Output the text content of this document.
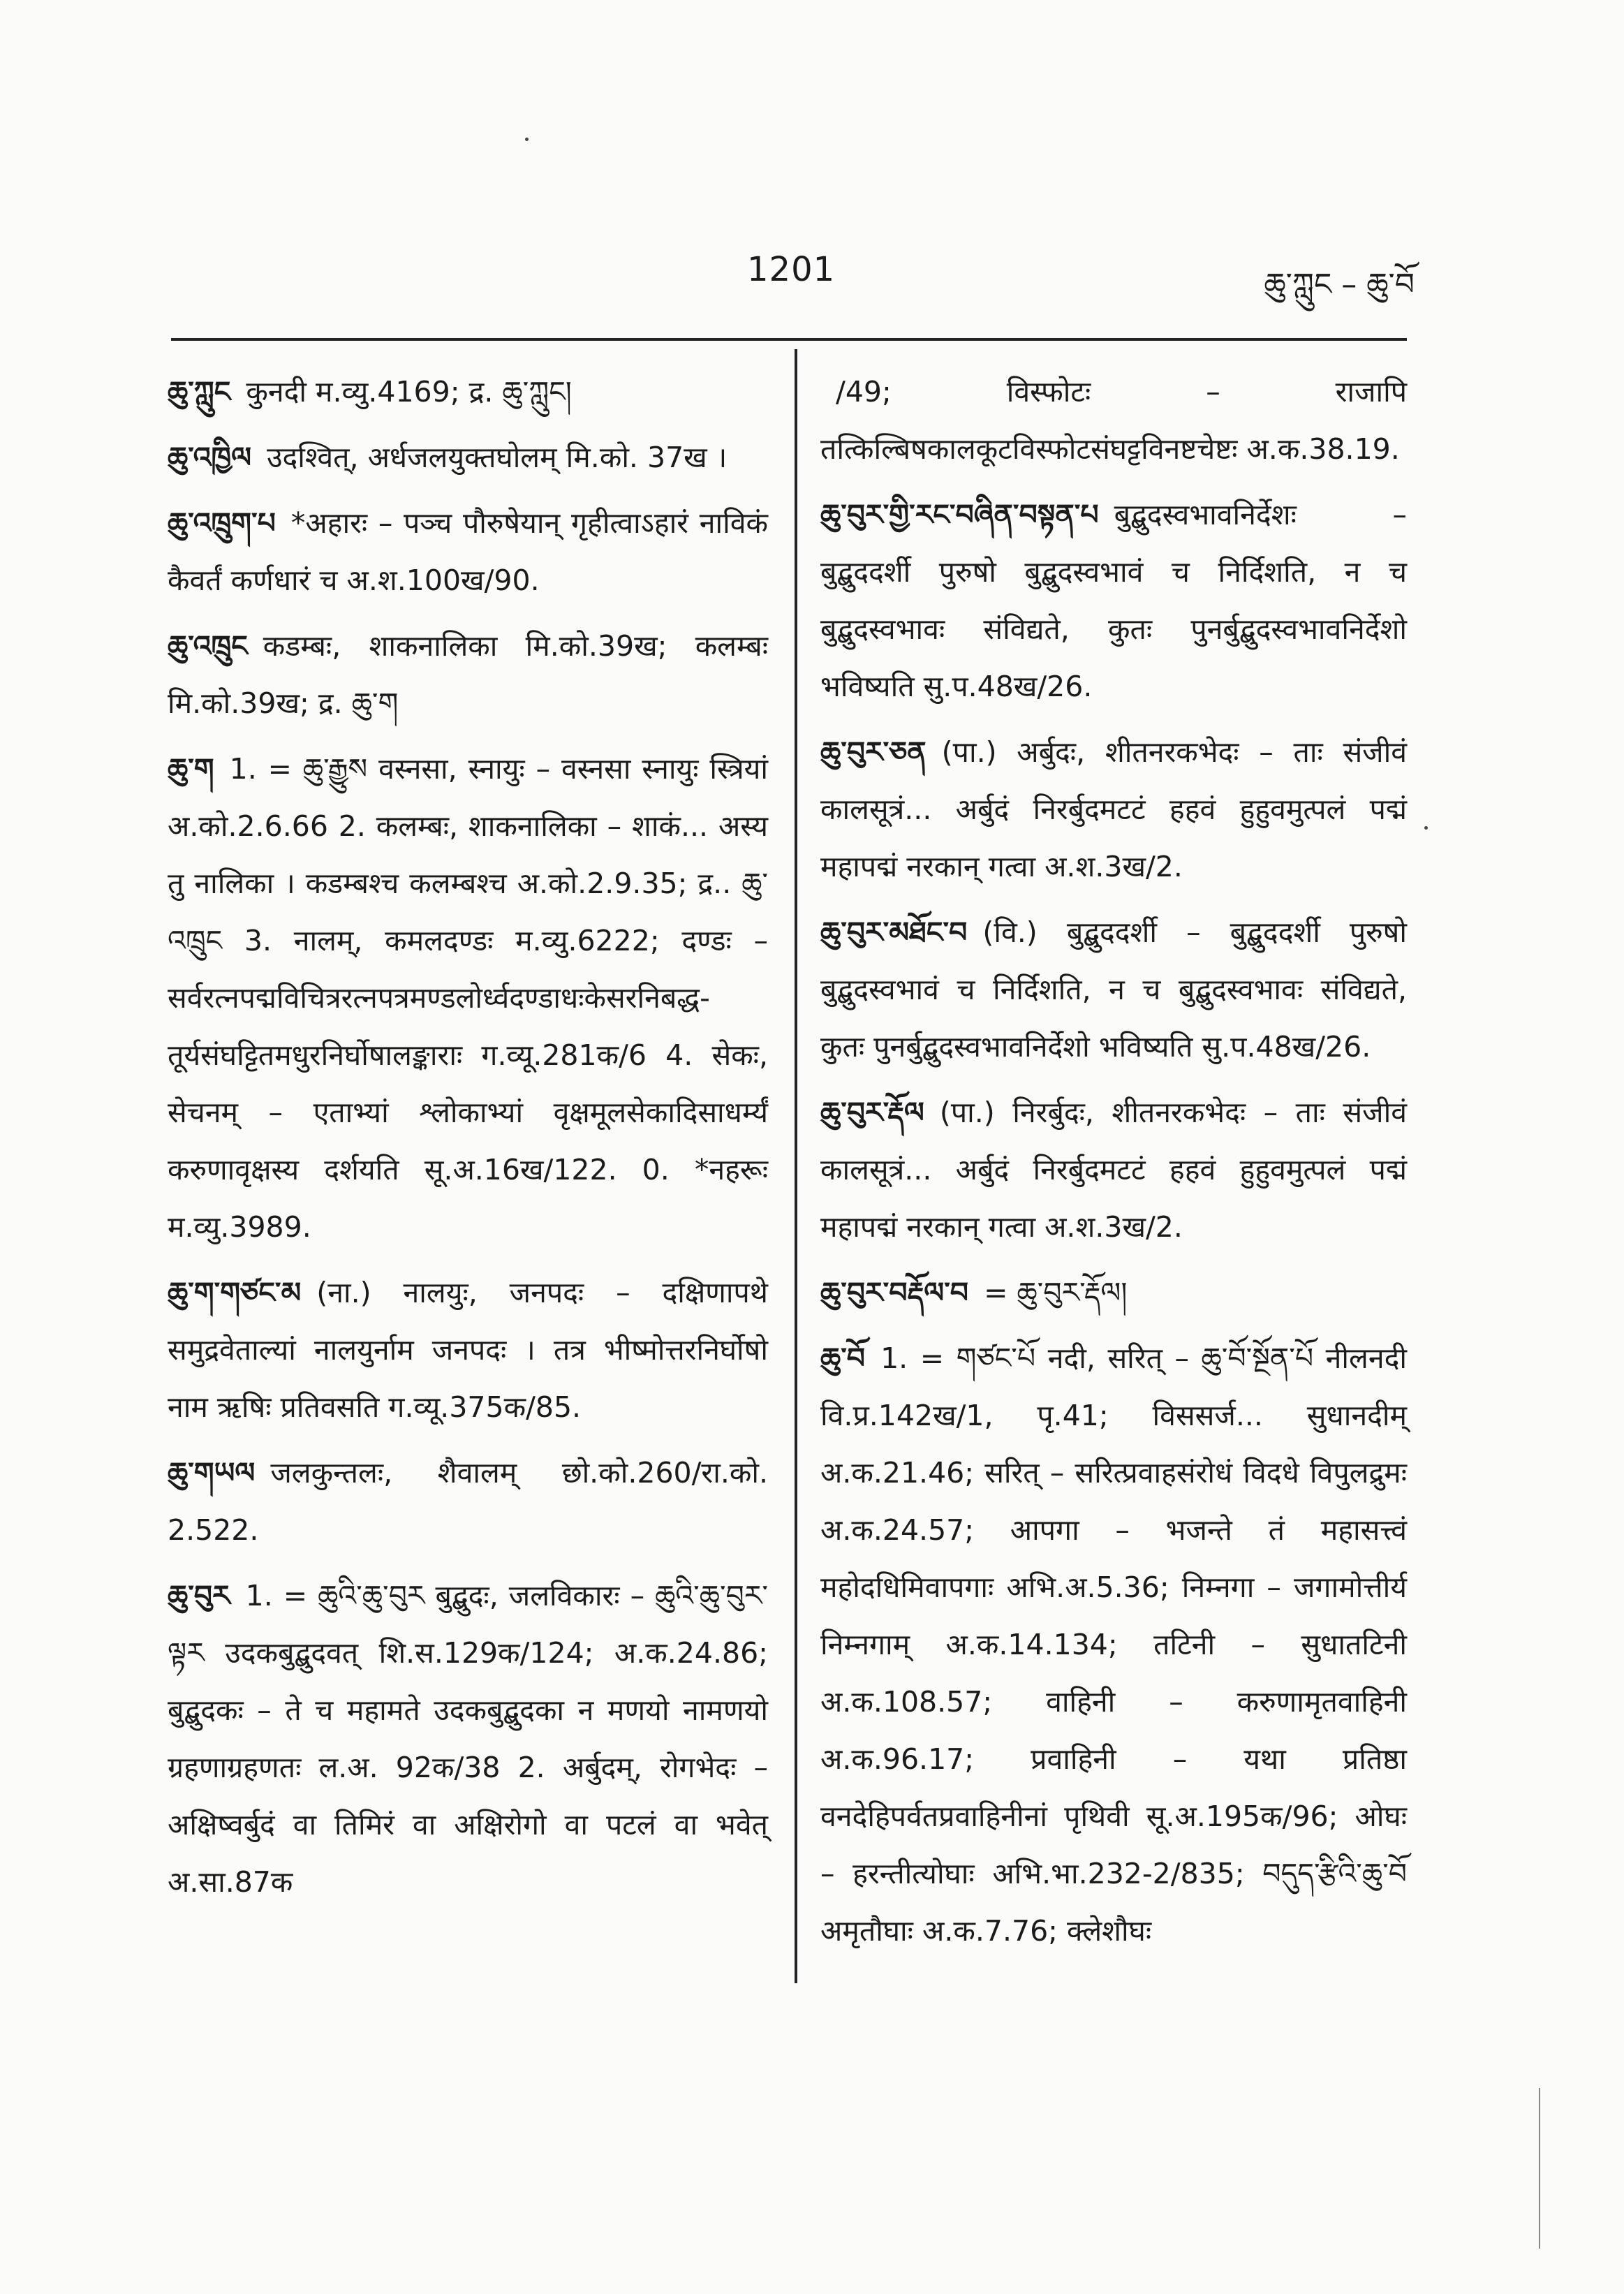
1201	ཆུ་ཀླུང – ཆུ་བོ
ཆུ་ཀླུང कुनदी म.व्यु.4169; द्र. ཆུ་ཀླུང།
ཆུ་འཁྱིལ उदश्वित्, अर्धजलयुक्तघोलम् मि.को. 37ख ।
ཆུ་འཁྲུག་པ *अहारः – पञ्च पौरुषेयान् गृहीत्वाऽहारं नाविकं कैवर्तं कर्णधारं च अ.श.100ख/90.
ཆུ་འཁྲུང कडम्बः, शाकनालिका मि.को.39ख; कलम्बः मि.को.39ख; द्र. ཆུ་ག
ཆུ་ག 1. = ཆུ་རྒྱུས वस्नसा, स्नायुः – वस्नसा स्नायुः स्त्रियां अ.को.2.6.66 2. कलम्बः, शाकनालिका – शाकं... अस्य तु नालिका । कडम्बश्च कलम्बश्च अ.को.2.9.35; द्र.. ཆུ་འཁྲུང 3. नालम्, कमलदण्डः म.व्यु.6222; दण्डः – सर्वरत्नपद्मविचित्ररत्नपत्रमण्डलोर्ध्वदण्डाधःकेसरनिबद्ध-तूर्यसंघट्टितमधुरनिर्घोषालङ्काराः ग.व्यू.281क/6 4. सेकः, सेचनम् – एताभ्यां श्लोकाभ्यां वृक्षमूलसेकादिसाधर्म्यं करुणावृक्षस्य दर्शयति सू.अ.16ख/122. 0. *नहरूः म.व्यु.3989.
ཆུ་ག་གཙང་མ (ना.) नालयुः, जनपदः – दक्षिणापथे समुद्रवेताल्यां नालयुर्नाम जनपदः । तत्र भीष्मोत्तरनिर्घोषो नाम ऋषिः प्रतिवसति ग.व्यू.375क/85.
ཆུ་གཡལ जलकुन्तलः, शैवालम् छो.को.260/रा.को. 2.522.
ཆུ་བུར 1. = ཆུའི་ཆུ་བུར बुद्बुदः, जलविकारः – ཆུའི་ཆུ་བུར་ལྟར उदकबुद्बुदवत् शि.स.129क/124; अ.क.24.86; बुद्बुदकः – ते च महामते उदकबुद्बुदका न मणयो नामणयो ग्रहणाग्रहणतः ल.अ. 92क/38 2. अर्बुदम्, रोगभेदः – अक्षिष्वर्बुदं वा तिमिरं वा अक्षिरोगो वा पटलं वा भवेत् अ.सा.87क
/49; विस्फोटः – राजापि तत्किल्बिषकालकूटविस्फोटसंघट्टविनष्टचेष्टः अ.क.38.19.
ཆུ་བུར་གྱི་རང་བཞིན་བསྟན་པ बुद्बुदस्वभावनिर्देशः – बुद्बुददर्शी पुरुषो बुद्बुदस्वभावं च निर्दिशति, न च बुद्बुदस्वभावः संविद्यते, कुतः पुनर्बुद्बुदस्वभावनिर्देशो भविष्यति सु.प.48ख/26.
ཆུ་བུར་ཅན (पा.) अर्बुदः, शीतनरकभेदः – ताः संजीवं कालसूत्रं... अर्बुदं निरर्बुदमटटं हहवं हुहुवमुत्पलं पद्मं महापद्मं नरकान् गत्वा अ.श.3ख/2.
ཆུ་བུར་མཐོང་བ (वि.) बुद्बुददर्शी – बुद्बुददर्शी पुरुषो बुद्बुदस्वभावं च निर्दिशति, न च बुद्बुदस्वभावः संविद्यते, कुतः पुनर्बुद्बुदस्वभावनिर्देशो भविष्यति सु.प.48ख/26.
ཆུ་བུར་རྡོལ (पा.) निरर्बुदः, शीतनरकभेदः – ताः संजीवं कालसूत्रं... अर्बुदं निरर्बुदमटटं हहवं हुहुवमुत्पलं पद्मं महापद्मं नरकान् गत्वा अ.श.3ख/2.
ཆུ་བུར་བརྡོལ་བ = ཆུ་བུར་རྡོལ།
ཆུ་བོ 1. = གཙང་པོ नदी, सरित् – ཆུ་བོ་སྔོན་པོ नीलनदी वि.प्र.142ख/1, पृ.41; विससर्ज... सुधानदीम् अ.क.21.46; सरित् – सरित्प्रवाहसंरोधं विदधे विपुलद्रुमः अ.क.24.57; आपगा – भजन्ते तं महासत्त्वं महोदधिमिवापगाः अभि.अ.5.36; निम्नगा – जगामोत्तीर्य निम्नगाम् अ.क.14.134; तटिनी – सुधातटिनी अ.क.108.57; वाहिनी – करुणामृतवाहिनी अ.क.96.17; प्रवाहिनी – यथा प्रतिष्ठा वनदेहिपर्वतप्रवाहिनीनां पृथिवी सू.अ.195क/96; ओघः – हरन्तीत्योघाः अभि.भा.232-2/835; བདུད་རྩིའི་ཆུ་བོ अमृतौघाः अ.क.7.76; क्लेशौघः
